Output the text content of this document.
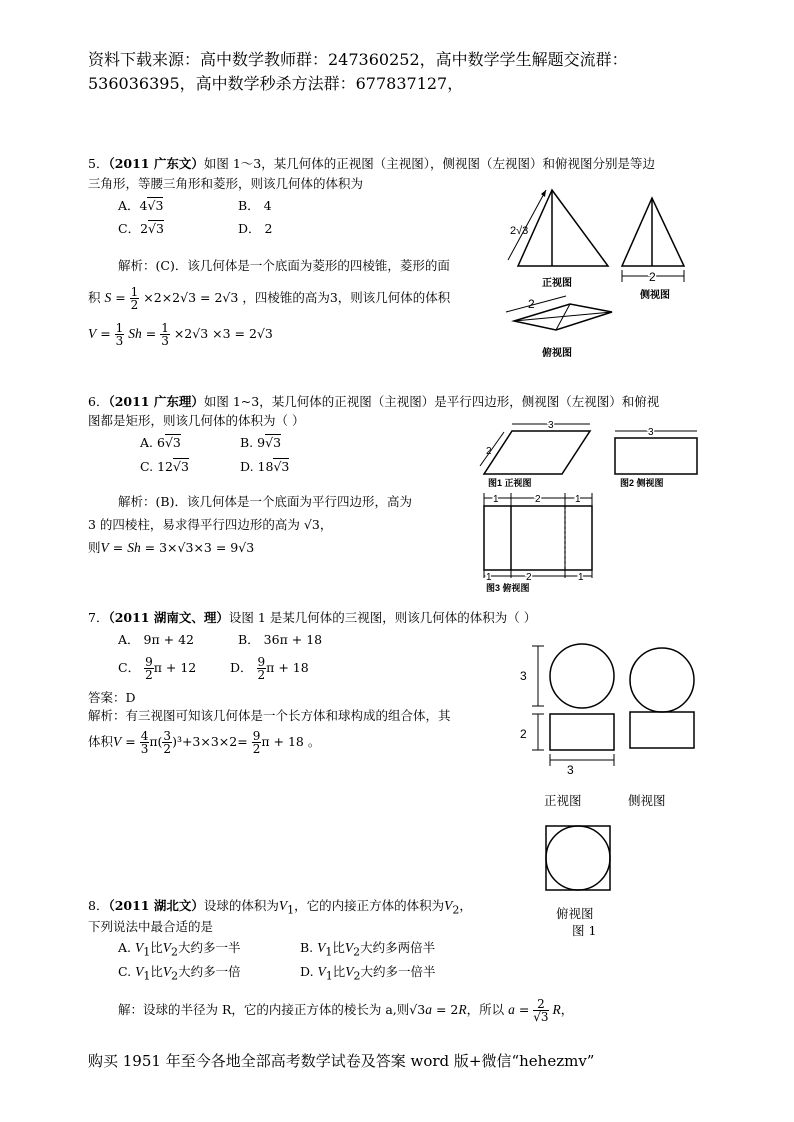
资料下载来源：高中数学教师群：247360252，高中数学学生解题交流群：
536036395，高中数学秒杀方法群：677837127，
5．（2011 广东文）如图 1～3，某几何体的正视图（主视图），侧视图（左视图）和俯视图分别是等边
三角形，等腰三角形和菱形，则该几何体的体积为
A．4√3	B． 4
C．2√3	D． 2
解析：(C)．该几何体是一个底面为菱形的四棱锥，菱形的面
积 $S = \frac{1}{2} \times 2\times 2√3 = 2√3$ ，四棱锥的高为3，则该几何体的体积
$V = \frac{1}{3}$ $Sh = \frac{1}{3} \times 2√3 \times 3 = 2√3$
2√3
正视图	2
侧视图
2
俯视图
6．（2011 广东理）如图 1~3，某几何体的正视图（主视图）是平行四边形，侧视图（左视图）和俯视
图都是矩形，则该几何体的体积为（ ）
A. 6√3	B. 9√3
C. 12√3	D. 18√3
解析：(B)．该几何体是一个底面为平行四边形，高为
3 的四棱柱，易求得平行四边形的高为 √3，
则V = Sh = 3×√3×3 = 9√3
3
2
图1 正视图
3
图2 侧视图
1	2	1
1	2	1
图3 俯视图
7．（2011 湖南文、理）设图 1 是某几何体的三视图，则该几何体的体积为（ ）
A． 9π + 42	B． 36π + 18
C． $\frac{9}{2}$ π + 12	D． $\frac{9}{2}$ π + 18
答案：D
解析：有三视图可知该几何体是一个长方体和球构成的组合体，其
体积$V = \frac{4}{3} \pi( \frac{3}{2} )^3+3\times 3\times 2= \frac{9}{2}$ π + 18 。
3
2
3
正视图	侧视图
俯视图
图 1
8．（2011 湖北文）设球的体积为$V_1$，它的内接正方体的体积为$V_2$，
下列说法中最合适的是
A. $V_1$比$V_2$大约多一半	B. $V_1$比$V_2$大约多两倍半
C. $V_1$比$V_2$大约多一倍	D. $V_1$比$V_2$大约多一倍半
解：设球的半径为 R，它的内接正方体的棱长为 a,则√3a = 2R，所以 $a = \frac{2}{√3}$ R，
购买 1951 年至今各地全部高考数学试卷及答案 word 版+微信“hehezmv”
